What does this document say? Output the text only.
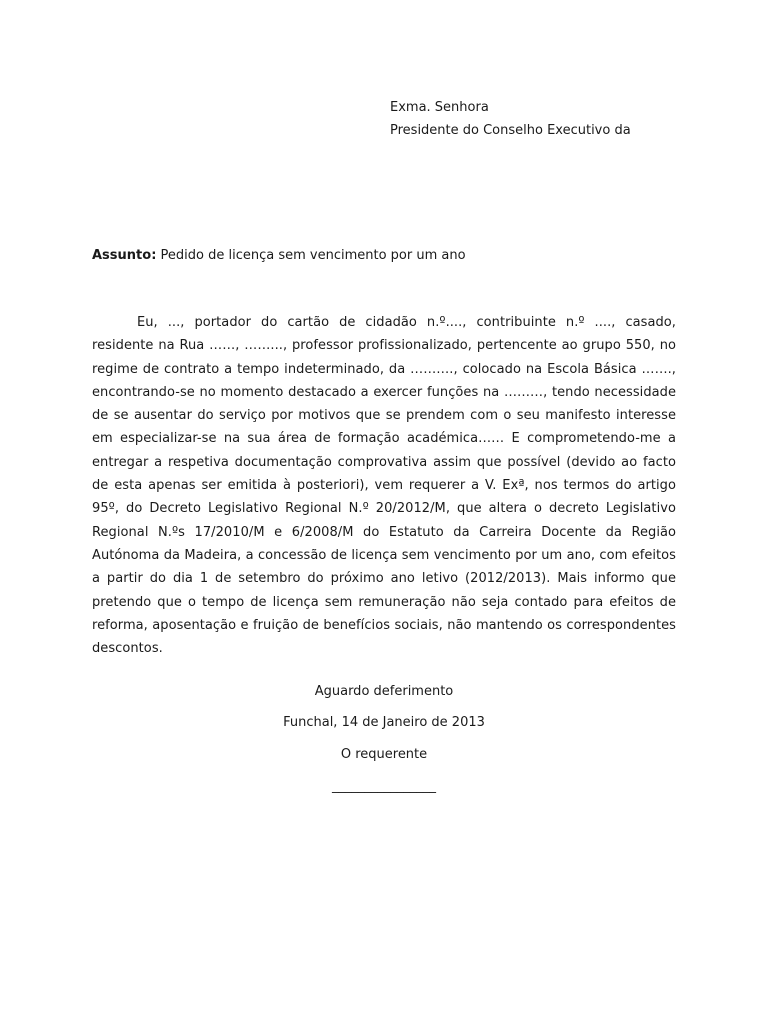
Exma. Senhora
Presidente do Conselho Executivo da
Assunto: Pedido de licença sem vencimento por um ano

Eu, ..., portador do cartão de cidadão n.º...., contribuinte n.º ...., casado, residente na Rua ……, ……..., professor profissionalizado, pertencente ao grupo 550, no regime de contrato a tempo indeterminado, da ………., colocado na Escola Básica ……., encontrando-se no momento destacado a exercer funções na ………, tendo necessidade de se ausentar do serviço por motivos que se prendem com o seu manifesto interesse em especializar-se na sua área de formação académica…… E comprometendo-me a entregar a respetiva documentação comprovativa assim que possível (devido ao facto de esta apenas ser emitida à posteriori), vem requerer a V. Exª, nos termos do artigo 95º, do Decreto Legislativo Regional N.º 20/2012/M, que altera o decreto Legislativo Regional N.ºs 17/2010/M e 6/2008/M do Estatuto da Carreira Docente da Região Autónoma da Madeira, a concessão de licença sem vencimento por um ano, com efeitos a partir do dia 1 de setembro do próximo ano letivo (2012/2013). Mais informo que pretendo que o tempo de licença sem remuneração não seja contado para efeitos de reforma, aposentação e fruição de benefícios sociais, não mantendo os correspondentes descontos.

Aguardo deferimento
Funchal, 14 de Janeiro de 2013
O requerente
________________
